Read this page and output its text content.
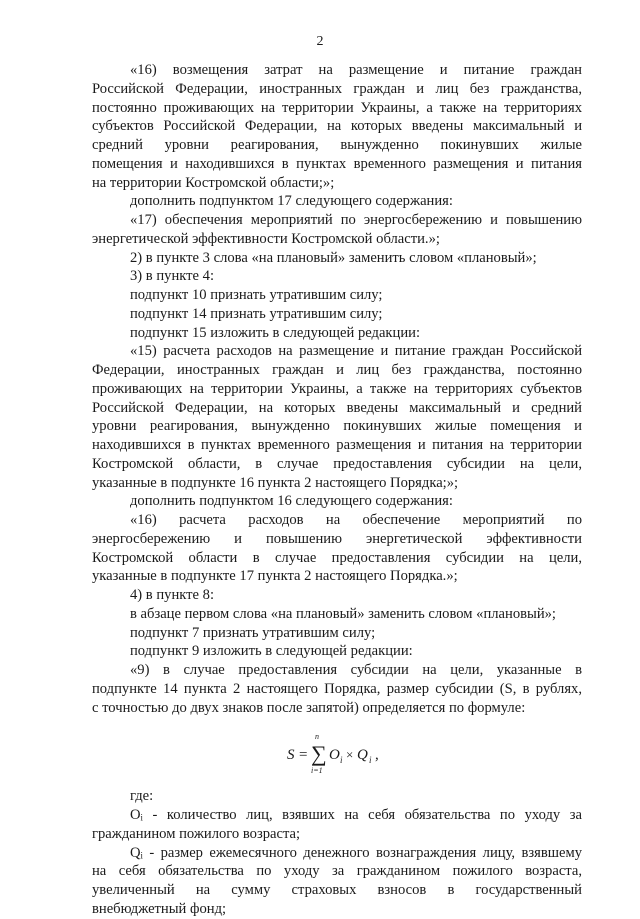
2

«16) возмещения затрат на размещение и питание граждан

Российской Федерации, иностранных граждан и лиц без гражданства,

постоянно проживающих на территории Украины, а также на территориях

субъектов Российской Федерации, на которых введены максимальный и

средний уровни реагирования, вынужденно покинувших жилые

помещения и находившихся в пунктах временного размещения и питания

на территории Костромской области;»;

дополнить подпунктом 17 следующего содержания:

«17) обеспечения мероприятий по энергосбережению и повышению

энергетической эффективности Костромской области.»;

2) в пункте 3 слова «на плановый» заменить словом «плановый»;

3) в пункте 4:

подпункт 10 признать утратившим силу;

подпункт 14 признать утратившим силу;

подпункт 15 изложить в следующей редакции:

«15) расчета расходов на размещение и питание граждан Российской

Федерации, иностранных граждан и лиц без гражданства, постоянно

проживающих на территории Украины, а также на территориях субъектов

Российской Федерации, на которых введены максимальный и средний

уровни реагирования, вынужденно покинувших жилые помещения и

находившихся в пунктах временного размещения и питания на территории

Костромской области, в случае предоставления субсидии на цели,

указанные в подпункте 16 пункта 2 настоящего Порядка;»;

дополнить подпунктом 16 следующего содержания:

«16) расчета расходов на обеспечение мероприятий по

энергосбережению и повышению энергетической эффективности

Костромской области в случае предоставления субсидии на цели,

указанные в подпункте 17 пункта 2 настоящего Порядка.»;

4) в пункте 8:

в абзаце первом слова «на плановый» заменить словом «плановый»;

подпункт 7 признать утратившим силу;

подпункт 9 изложить в следующей редакции:

«9) в случае предоставления субсидии на цели, указанные в

подпункте 14 пункта 2 настоящего Порядка, размер субсидии (S, в рублях,

с точностью до двух знаков после запятой) определяется по формуле:

S =
n
∑
i=1
O i × Q i ,

где:

Oᵢ - количество лиц, взявших на себя обязательства по уходу за

гражданином пожилого возраста;

Qᵢ - размер ежемесячного денежного вознаграждения лицу, взявшему

на себя обязательства по уходу за гражданином пожилого возраста,

увеличенный на сумму страховых взносов в государственный

внебюджетный фонд;
